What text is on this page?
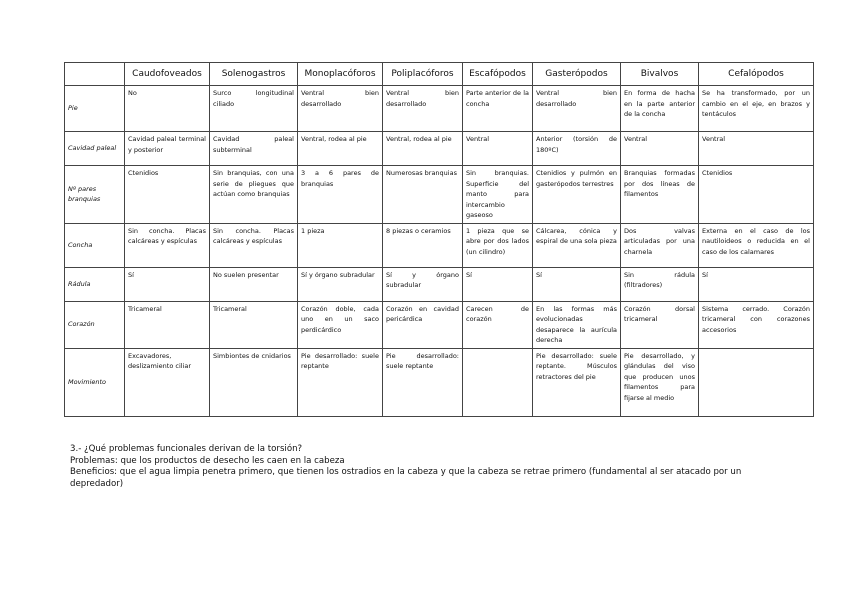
	Caudofoveados	Solenogastros	Monoplacóforos	Poliplacóforos	Escafópodos	Gasterópodos	Bivalvos	Cefalópodos
Pie	No	Surco longitudinal ciliado	Ventral bien desarrollado	Ventral bien desarrollado	Parte anterior de la concha	Ventral bien desarrollado	En forma de hacha en la parte anterior de la concha	Se ha transformado, por un cambio en el eje, en brazos y tentáculos
Cavidad paleal	Cavidad paleal terminal y posterior	Cavidad paleal subterminal	Ventral, rodea al pie	Ventral, rodea al pie	Ventral	Anterior (torsión de 180ºC)	Ventral	Ventral
Nº pares branquias	Ctenidios	Sin branquias, con una serie de pliegues que actúan como branquias	3 a 6 pares de branquias	Numerosas branquias	Sin branquias. Superficie del manto para intercambio gaseoso	Ctenidios y pulmón en gasterópodos terrestres	Branquias formadas por dos líneas de filamentos	Ctenidios
Concha	Sin concha. Placas calcáreas y espículas	Sin concha. Placas calcáreas y espículas	1 pieza	8 piezas o ceramios	1 pieza que se abre por dos lados (un cilindro)	Cálcarea, cónica y espiral de una sola pieza	Dos valvas articuladas por una charnela	Externa en el caso de los nautiloideos o reducida en el caso de los calamares
Rádula	Sí	No suelen presentar	Sí y órgano subradular	Sí y órgano subradular	Sí	Sí	Sin rádula (filtradores)	Sí
Corazón	Tricameral	Tricameral	Corazón doble, cada uno en un saco perdicárdico	Corazón en cavidad pericárdica	Carecen de corazón	En las formas más evolucionadas desaparece la aurícula derecha	Corazón dorsal tricameral	Sistema cerrado. Corazón tricameral con corazones accesorios
Movimiento	Excavadores, deslizamiento ciliar	Simbiontes de cnidarios	Pie desarrollado: suele reptante	Pie desarrollado: suele reptante		Pie desarrollado: suele reptante. Músculos retractores del pie	Pie desarrollado, y glándulas del viso que producen unos filamentos para fijarse al medio	
3.- ¿Qué problemas funcionales derivan de la torsión?
Problemas: que los productos de desecho les caen en la cabeza
Beneficios: que el agua limpia penetra primero, que tienen los ostradios en la cabeza y que la cabeza se retrae primero (fundamental al ser atacado por un depredador)
